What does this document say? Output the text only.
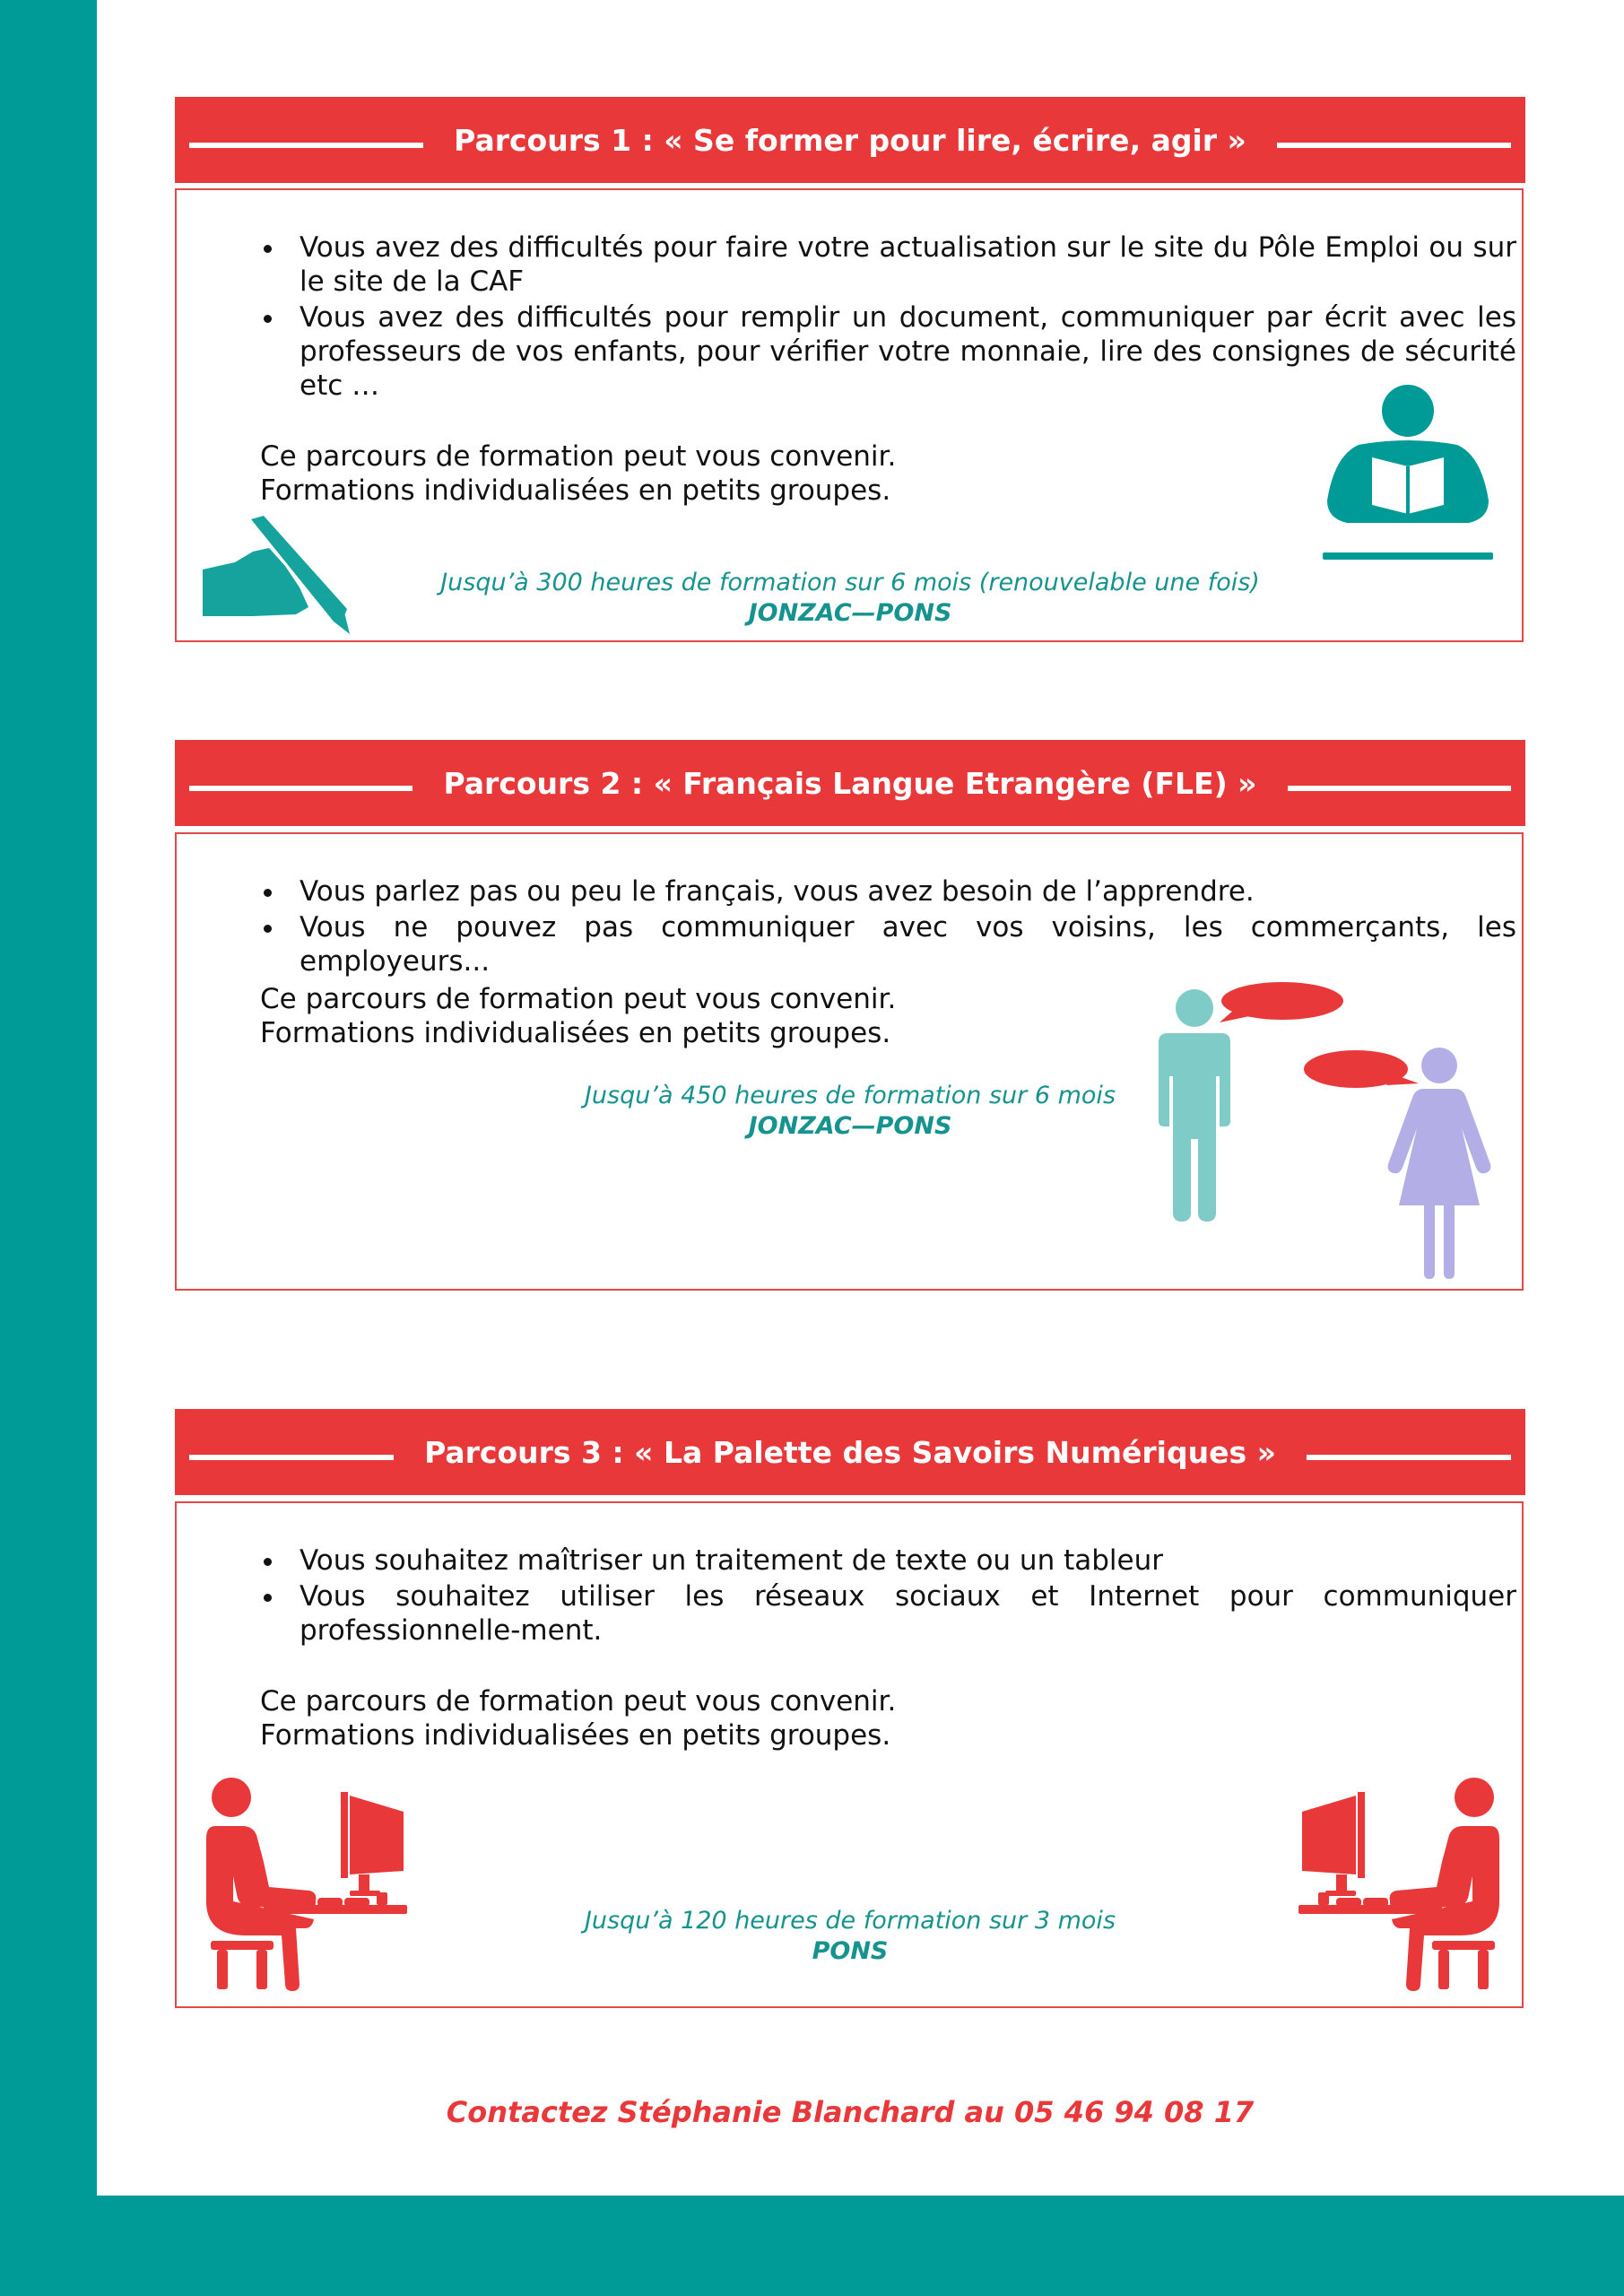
Parcours 1 : « Se former pour lire, écrire, agir »
Vous avez des difficultés pour faire votre actualisation sur le site du Pôle Emploi ou sur le site de la CAF
Vous avez des difficultés pour remplir un document, communiquer par écrit avec les professeurs de vos enfants, pour vérifier votre monnaie, lire des consignes de sécurité etc …
Ce parcours de formation peut vous convenir.
Formations individualisées en petits groupes.
Jusqu’à 300 heures de formation sur 6 mois (renouvelable une fois)
JONZAC—PONS
Parcours 2 : « Français Langue Etrangère (FLE) »
Vous parlez pas ou peu le français, vous avez besoin de l’apprendre.
Vous ne pouvez pas communiquer avec vos voisins, les commerçants, les employeurs...
Ce parcours de formation peut vous convenir.
Formations individualisées en petits groupes.
Jusqu’à 450 heures de formation sur 6 mois
JONZAC—PONS
Parcours 3 : « La Palette des Savoirs Numériques »
Vous souhaitez maîtriser un traitement de texte ou un tableur
Vous souhaitez utiliser les réseaux sociaux et Internet pour communiquer professionnelle-ment.
Ce parcours de formation peut vous convenir.
Formations individualisées en petits groupes.
Jusqu’à 120 heures de formation sur 3 mois
PONS
Contactez Stéphanie Blanchard au 05 46 94 08 17
